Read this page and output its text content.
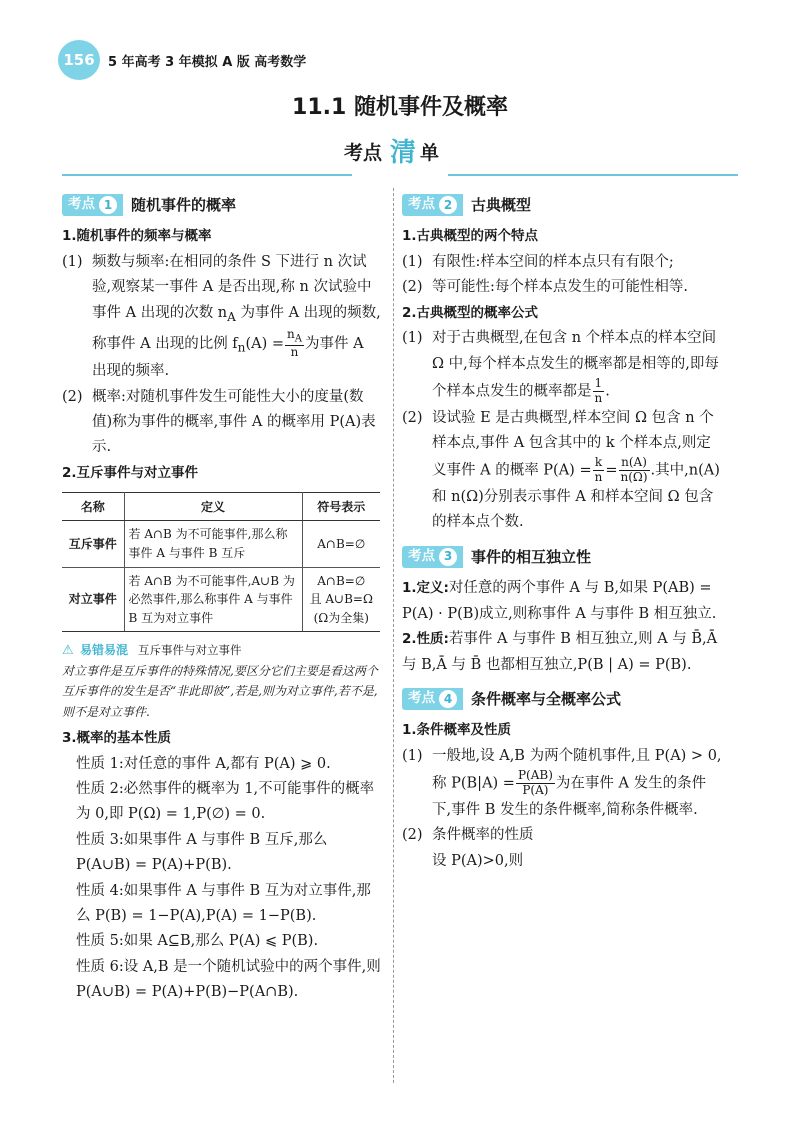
156 5 年高考 3 年模拟 A 版 高考数学
11.1 随机事件及概率
考点 清 单
考点 1	随机事件的概率
1.随机事件的频率与概率
(1) 频数与频率:在相同的条件 S 下进行 n 次试验,观察某一事件 A 是否出现,称 n 次试验中事件 A 出现的次数 $n_A$ 为事件 A 出现的频数,称事件 A 出现的比例 $f_n(A) = \frac{n_A}{n}$ 为事件 A 出现的频率.
(2) 概率:对随机事件发生可能性大小的度量(数值)称为事件的概率,事件 A 的概率用 P(A)表示.
2.互斥事件与对立事件
名称	定义	符号表示
互斥事件	若 A∩B 为不可能事件,那么称事件 A 与事件 B 互斥	A∩B=∅
对立事件	若 A∩B 为不可能事件,A∪B 为必然事件,那么称事件 A 与事件 B 互为对立事件	A∩B=∅
且 A∪B=Ω
(Ω为全集)
⚠ 易错易混 互斥事件与对立事件
对立事件是互斥事件的特殊情况,要区分它们主要是看这两个互斥事件的发生是否“非此即彼”,若是,则为对立事件,若不是,则不是对立事件.
3.概率的基本性质
性质 1:对任意的事件 A,都有 P(A) ⩾ 0.
性质 2:必然事件的概率为 1,不可能事件的概率为 0,即 P(Ω) = 1,P(∅) = 0.
性质 3:如果事件 A 与事件 B 互斥,那么 P(A∪B) = P(A)+P(B).
性质 4:如果事件 A 与事件 B 互为对立事件,那么 P(B) = 1−P(A),P(A) = 1−P(B).
性质 5:如果 A⊆B,那么 P(A) ⩽ P(B).
性质 6:设 A,B 是一个随机试验中的两个事件,则 P(A∪B) = P(A)+P(B)−P(A∩B).
考点 2	古典概型
1.古典概型的两个特点
(1) 有限性:样本空间的样本点只有有限个;
(2) 等可能性:每个样本点发生的可能性相等.
2.古典概型的概率公式
(1) 对于古典概型,在包含 n 个样本点的样本空间 Ω 中,每个样本点发生的概率都是相等的,即每个样本点发生的概率都是 $\frac{1}{n}$ .
(2) 设试验 E 是古典概型,样本空间 Ω 包含 n 个样本点,事件 A 包含其中的 k 个样本点,则定义事件 A 的概率 $P(A) = \frac{k}{n} = \frac{n(A)}{n(\Omega)}$ .其中,n(A)和 n(Ω)分别表示事件 A 和样本空间 Ω 包含的样本点个数.
考点 3	事件的相互独立性
1.定义:对任意的两个事件 A 与 B,如果 P(AB) = P(A) · P(B)成立,则称事件 A 与事件 B 相互独立.
2.性质:若事件 A 与事件 B 相互独立,则 A 与 B̄,Ā 与 B,Ā 与 B̄ 也都相互独立,P(B | A) = P(B).
考点 4	条件概率与全概率公式
1.条件概率及性质
(1) 一般地,设 A,B 为两个随机事件,且 P(A) > 0,称 $P(B|A) = \frac{P(AB)}{P(A)}$ 为在事件 A 发生的条件下,事件 B 发生的条件概率,简称条件概率.
(2) 条件概率的性质
设 P(A)>0,则
